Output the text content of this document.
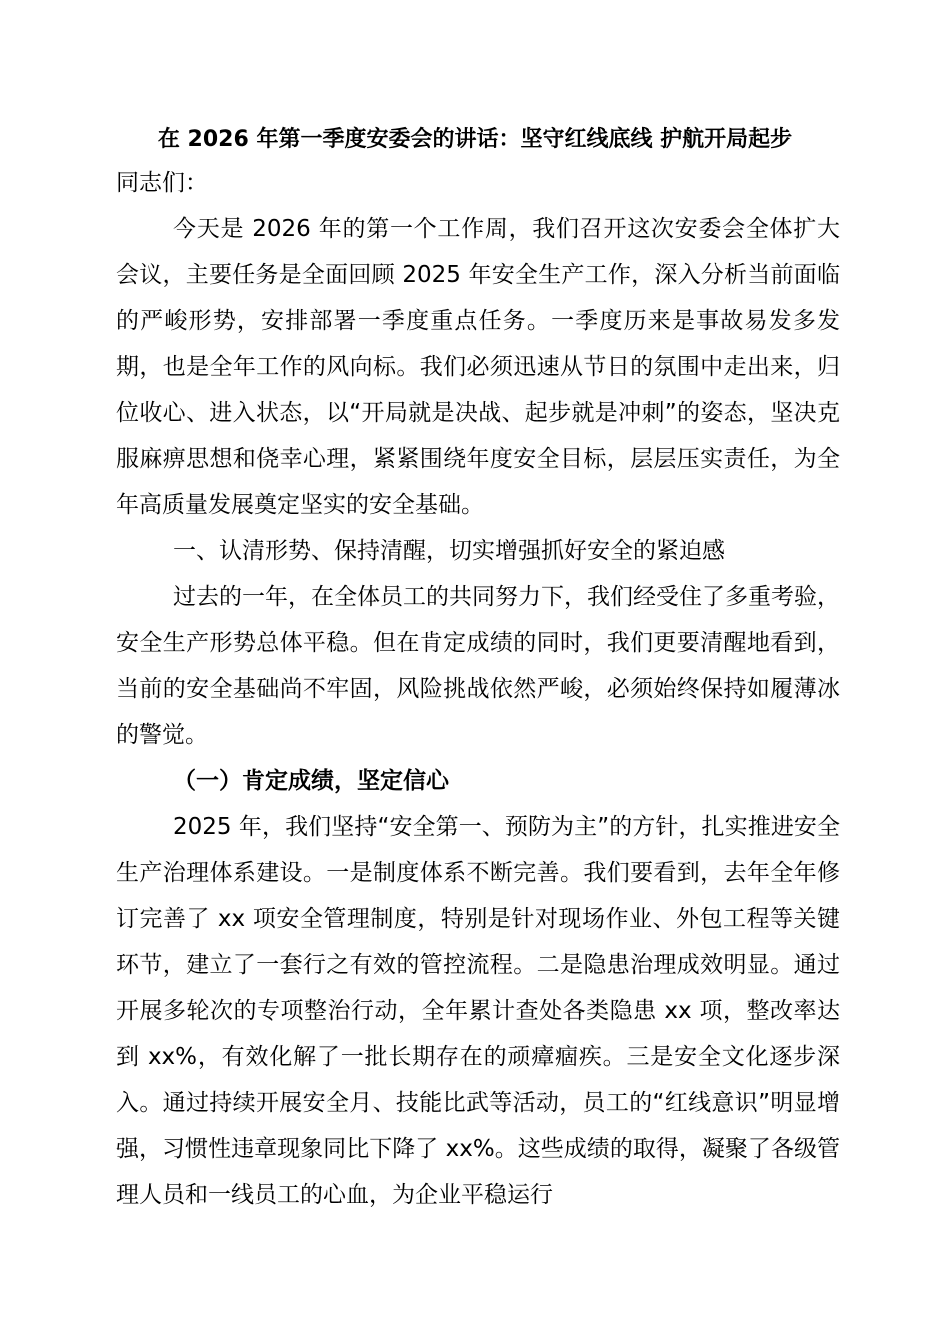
在 2026 年第一季度安委会的讲话：坚守红线底线 护航开局起步

同志们：

今天是 2026 年的第一个工作周，我们召开这次安委会全体扩大会议，主要任务是全面回顾 2025 年安全生产工作，深入分析当前面临的严峻形势，安排部署一季度重点任务。一季度历来是事故易发多发期，也是全年工作的风向标。我们必须迅速从节日的氛围中走出来，归位收心、进入状态，以“开局就是决战、起步就是冲刺”的姿态，坚决克服麻痹思想和侥幸心理，紧紧围绕年度安全目标，层层压实责任，为全年高质量发展奠定坚实的安全基础。

一、认清形势、保持清醒，切实增强抓好安全的紧迫感

过去的一年，在全体员工的共同努力下，我们经受住了多重考验，安全生产形势总体平稳。但在肯定成绩的同时，我们更要清醒地看到，当前的安全基础尚不牢固，风险挑战依然严峻，必须始终保持如履薄冰的警觉。

（一）肯定成绩，坚定信心

2025 年，我们坚持“安全第一、预防为主”的方针，扎实推进安全生产治理体系建设。一是制度体系不断完善。我们要看到，去年全年修订完善了 xx 项安全管理制度，特别是针对现场作业、外包工程等关键环节，建立了一套行之有效的管控流程。二是隐患治理成效明显。通过开展多轮次的专项整治行动，全年累计查处各类隐患 xx 项，整改率达到 xx%，有效化解了一批长期存在的顽瘴痼疾。三是安全文化逐步深入。通过持续开展安全月、技能比武等活动，员工的“红线意识”明显增强，习惯性违章现象同比下降了 xx%。这些成绩的取得，凝聚了各级管理人员和一线员工的心血，为企业平稳运行
